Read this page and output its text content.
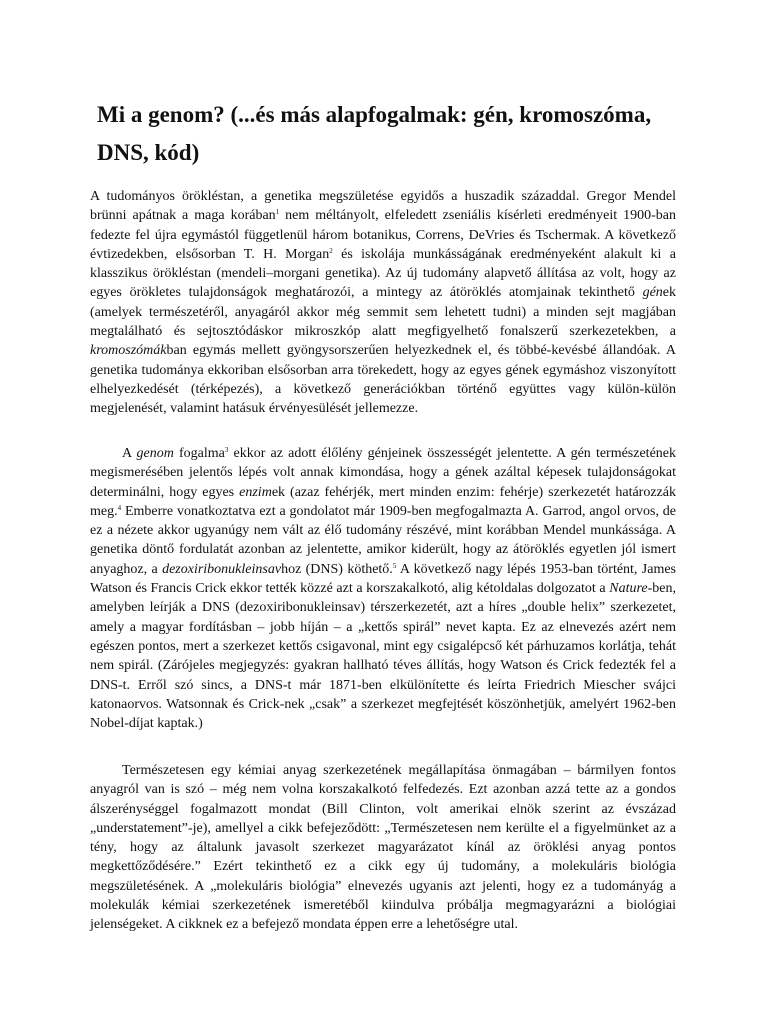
Mi a genom? (...és más alapfogalmak: gén, kromoszóma, DNS, kód)

A tudományos örökléstan, a genetika megszületése egyidős a huszadik századdal. Gregor Mendel brünni apátnak a maga korában$^1$ nem méltányolt, elfeledett zseniális kísérleti eredményeit 1900-ban fedezte fel újra egymástól függetlenül három botanikus, Correns, DeVries és Tschermak. A következő évtizedekben, elsősorban T. H. Morgan$^2$ és iskolája munkásságának eredményeként alakult ki a klasszikus örökléstan (mendeli–morgani genetika). Az új tudomány alapvető állítása az volt, hogy az egyes örökletes tulajdonságok meghatározói, a mintegy az átöröklés atomjainak tekinthető gének (amelyek természetéről, anyagáról akkor még semmit sem lehetett tudni) a minden sejt magjában megtalálható és sejtosztódáskor mikroszkóp alatt megfigyelhető fonalszerű szerkezetekben, a kromoszómákban egymás mellett gyöngysorszerűen helyezkednek el, és többé-kevésbé állandóak. A genetika tudománya ekkoriban elsősorban arra törekedett, hogy az egyes gének egymáshoz viszonyított elhelyezkedését (térképezés), a következő generációkban történő együttes vagy külön-külön megjelenését, valamint hatásuk érvényesülését jellemezze.

A genom fogalma$^3$ ekkor az adott élőlény génjeinek összességét jelentette. A gén természetének megismerésében jelentős lépés volt annak kimondása, hogy a gének azáltal képesek tulajdonságokat determinálni, hogy egyes enzimek (azaz fehérjék, mert minden enzim: fehérje) szerkezetét határozzák meg.$^4$ Emberre vonatkoztatva ezt a gondolatot már 1909-ben megfogalmazta A. Garrod, angol orvos, de ez a nézete akkor ugyanúgy nem vált az élő tudomány részévé, mint korábban Mendel munkássága. A genetika döntő fordulatát azonban az jelentette, amikor kiderült, hogy az átöröklés egyetlen jól ismert anyaghoz, a dezoxiribonukleinsavhoz (DNS) köthető.$^5$ A következő nagy lépés 1953-ban történt, James Watson és Francis Crick ekkor tették közzé azt a korszakalkotó, alig kétoldalas dolgozatot a Nature-ben, amelyben leírják a DNS (dezoxiribonukleinsav) térszerkezetét, azt a híres „double helix” szerkezetet, amely a magyar fordításban – jobb híján – a „kettős spirál” nevet kapta. Ez az elnevezés azért nem egészen pontos, mert a szerkezet kettős csigavonal, mint egy csigalépcső két párhuzamos korlátja, tehát nem spirál. (Zárójeles megjegyzés: gyakran hallható téves állítás, hogy Watson és Crick fedezték fel a DNS-t. Erről szó sincs, a DNS-t már 1871-ben elkülönítette és leírta Friedrich Miescher svájci katonaorvos. Watsonnak és Crick-nek „csak” a szerkezet megfejtését köszönhetjük, amelyért 1962-ben Nobel-díjat kaptak.)

Természetesen egy kémiai anyag szerkezetének megállapítása önmagában – bármilyen fontos anyagról van is szó – még nem volna korszakalkotó felfedezés. Ezt azonban azzá tette az a gondos álszerénységgel fogalmazott mondat (Bill Clinton, volt amerikai elnök szerint az évszázad „understatement”-je), amellyel a cikk befejeződött: „Természetesen nem kerülte el a figyelmünket az a tény, hogy az általunk javasolt szerkezet magyarázatot kínál az öröklési anyag pontos megkettőződésére.” Ezért tekinthető ez a cikk egy új tudomány, a molekuláris biológia megszületésének. A „molekuláris biológia” elnevezés ugyanis azt jelenti, hogy ez a tudományág a molekulák kémiai szerkezetének ismeretéből kiindulva próbálja megmagyarázni a biológiai jelenségeket. A cikknek ez a befejező mondata éppen erre a lehetőségre utal.
